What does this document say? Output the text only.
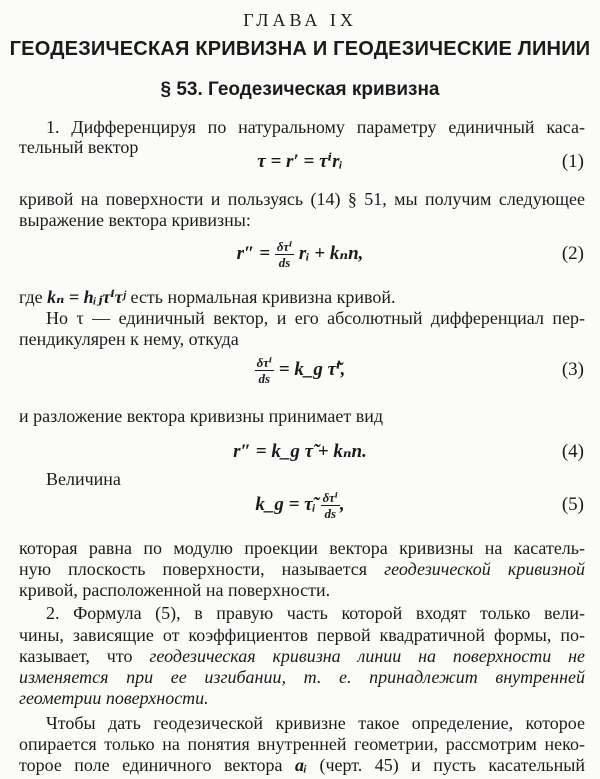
ГЛАВА IX
ГЕОДЕЗИЧЕСКАЯ КРИВИЗНА И ГЕОДЕЗИЧЕСКИЕ ЛИНИИ
§ 53. Геодезическая кривизна
1. Дифференцируя по натуральному параметру единичный каса-
тельный вектор
τ = r′ = τⁱrᵢ	(1)
кривой на поверхности и пользуясь (14) § 51, мы получим следующее
выражение вектора кривизны:
r″ = δτⁱ
ds rᵢ + kₙn,	(2)
где kₙ = hᵢⱼτⁱτʲ есть нормальная кривизна кривой.
Но τ — единичный вектор, и его абсолютный дифференциал пер-
пендикулярен к нему, откуда
δτⁱ
ds = k_g τ̃ⁱ,	(3)
и разложение вектора кривизны принимает вид
r″ = k_g τ̃ + kₙn.	(4)
Величина
k_g = τ̃ᵢ δτⁱ
ds ,	(5)
которая равна по модулю проекции вектора кривизны на касатель-
ную плоскость поверхности, называется геодезической кривизной
кривой, расположенной на поверхности.
2. Формула (5), в правую часть которой входят только вели-
чины, зависящие от коэффициентов первой квадратичной формы, по-
казывает, что геодезическая кривизна линии на поверхности не
изменяется при ее изгибании, т. е. принадлежит внутренней
геометрии поверхности.
Чтобы дать геодезической кривизне такое определение, которое
опирается только на понятия внутренней геометрии, рассмотрим неко-
торое поле единичного вектора aᵢ (черт. 45) и пусть касательный
